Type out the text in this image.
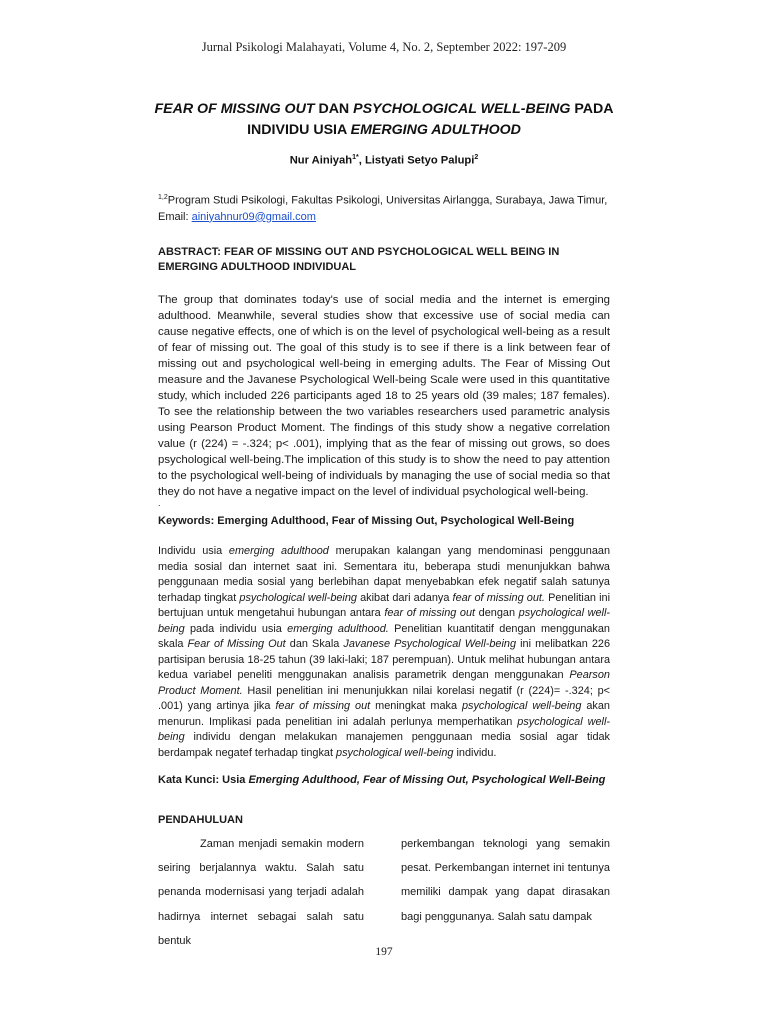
Jurnal Psikologi Malahayati, Volume 4, No. 2, September 2022: 197-209
FEAR OF MISSING OUT DAN PSYCHOLOGICAL WELL-BEING PADA
INDIVIDU USIA EMERGING ADULTHOOD
Nur Ainiyah$^{1*}$, Listyati Setyo Palupi$^2$
$^{1,2}$Program Studi Psikologi, Fakultas Psikologi, Universitas Airlangga, Surabaya, Jawa Timur,
Email: ainiyahnur09@gmail.com
ABSTRACT: FEAR OF MISSING OUT AND PSYCHOLOGICAL WELL BEING IN EMERGING ADULTHOOD INDIVIDUAL
The group that dominates today's use of social media and the internet is emerging adulthood. Meanwhile, several studies show that excessive use of social media can cause negative effects, one of which is on the level of psychological well-being as a result of fear of missing out. The goal of this study is to see if there is a link between fear of missing out and psychological well-being in emerging adults. The Fear of Missing Out measure and the Javanese Psychological Well-being Scale were used in this quantitative study, which included 226 participants aged 18 to 25 years old (39 males; 187 females). To see the relationship between the two variables researchers used parametric analysis using Pearson Product Moment. The findings of this study show a negative correlation value (r (224) = -.324; p< .001), implying that as the fear of missing out grows, so does psychological well-being.The implication of this study is to show the need to pay attention to the psychological well-being of individuals by managing the use of social media so that they do not have a negative impact on the level of individual psychological well-being.
.
Keywords: Emerging Adulthood, Fear of Missing Out, Psychological Well-Being
Individu usia emerging adulthood merupakan kalangan yang mendominasi penggunaan media sosial dan internet saat ini. Sementara itu, beberapa studi menunjukkan bahwa penggunaan media sosial yang berlebihan dapat menyebabkan efek negatif salah satunya terhadap tingkat psychological well-being akibat dari adanya fear of missing out. Penelitian ini bertujuan untuk mengetahui hubungan antara fear of missing out dengan psychological well-being pada individu usia emerging adulthood. Penelitian kuantitatif dengan menggunakan skala Fear of Missing Out dan Skala Javanese Psychological Well-being ini melibatkan 226 partisipan berusia 18-25 tahun (39 laki-laki; 187 perempuan). Untuk melihat hubungan antara kedua variabel peneliti menggunakan analisis parametrik dengan menggunakan Pearson Product Moment. Hasil penelitian ini menunjukkan nilai korelasi negatif (r (224)= -.324; p< .001) yang artinya jika fear of missing out meningkat maka psychological well-being akan menurun. Implikasi pada penelitian ini adalah perlunya memperhatikan psychological well-being individu dengan melakukan manajemen penggunaan media sosial agar tidak berdampak negatef terhadap tingkat psychological well-being individu.
Kata Kunci: Usia Emerging Adulthood, Fear of Missing Out, Psychological Well-Being
PENDAHULUAN
Zaman menjadi semakin modern seiring berjalannya waktu. Salah satu penanda modernisasi yang terjadi adalah hadirnya internet sebagai salah satu bentuk
perkembangan teknologi yang semakin pesat. Perkembangan internet ini tentunya memiliki dampak yang dapat dirasakan bagi penggunanya. Salah satu dampak
197
